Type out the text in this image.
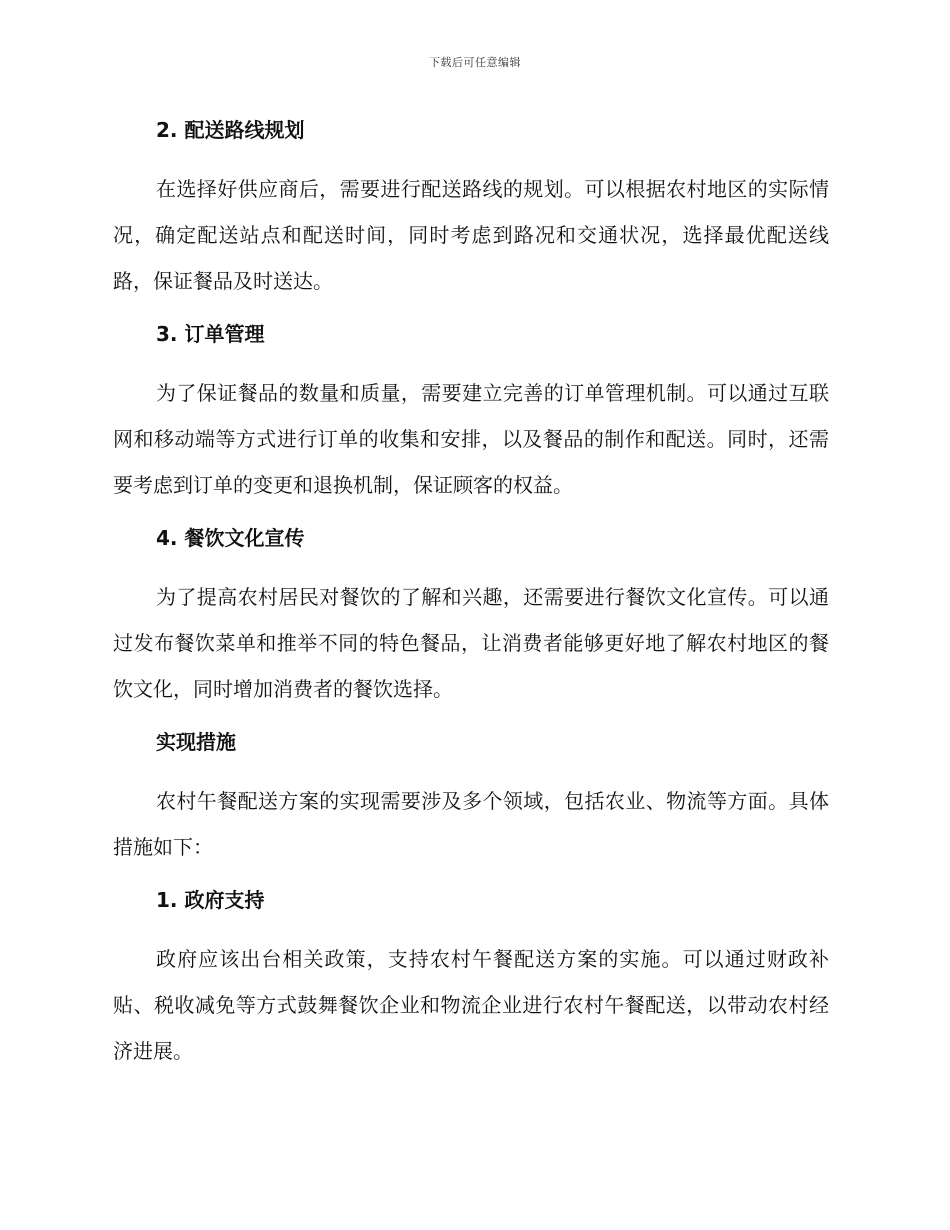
下载后可任意编辑
2. 配送路线规划

在选择好供应商后，需要进行配送路线的规划。可以根据农村地区的实际情况，确定配送站点和配送时间，同时考虑到路况和交通状况，选择最优配送线路，保证餐品及时送达。

3. 订单管理

为了保证餐品的数量和质量，需要建立完善的订单管理机制。可以通过互联网和移动端等方式进行订单的收集和安排，以及餐品的制作和配送。同时，还需要考虑到订单的变更和退换机制，保证顾客的权益。

4. 餐饮文化宣传

为了提高农村居民对餐饮的了解和兴趣，还需要进行餐饮文化宣传。可以通过发布餐饮菜单和推举不同的特色餐品，让消费者能够更好地了解农村地区的餐饮文化，同时增加消费者的餐饮选择。

实现措施

农村午餐配送方案的实现需要涉及多个领域，包括农业、物流等方面。具体措施如下：

1. 政府支持

政府应该出台相关政策，支持农村午餐配送方案的实施。可以通过财政补贴、税收减免等方式鼓舞餐饮企业和物流企业进行农村午餐配送，以带动农村经济进展。
